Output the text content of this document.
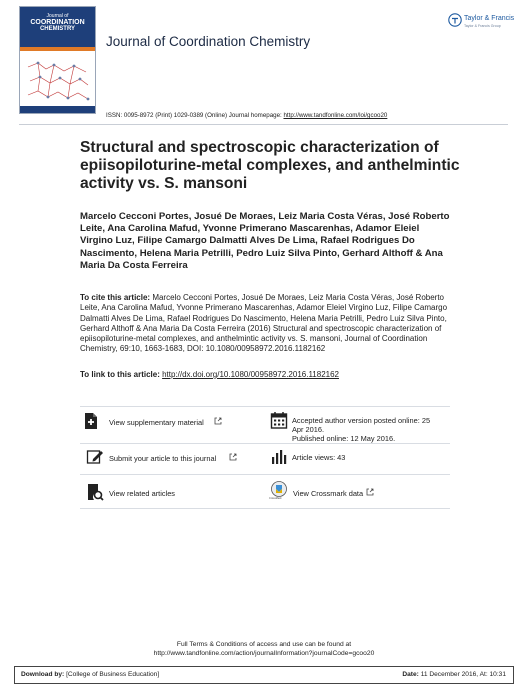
Journal of
COORDINATION
CHEMISTRY
Journal of Coordination Chemistry
Taylor & Francis
Taylor & Francis Group
ISSN: 0095-8972 (Print) 1029-0389 (Online) Journal homepage: http://www.tandfonline.com/loi/gcoo20
Structural and spectroscopic characterization of epiisopiloturine-metal complexes, and anthelmintic activity vs. S. mansoni
Marcelo Cecconi Portes, Josué De Moraes, Leiz Maria Costa Véras, José Roberto Leite, Ana Carolina Mafud, Yvonne Primerano Mascarenhas, Adamor Eleiel Virgino Luz, Filipe Camargo Dalmatti Alves De Lima, Rafael Rodrigues Do Nascimento, Helena Maria Petrilli, Pedro Luiz Silva Pinto, Gerhard Althoff & Ana Maria Da Costa Ferreira
To cite this article: Marcelo Cecconi Portes, Josué De Moraes, Leiz Maria Costa Véras, José Roberto Leite, Ana Carolina Mafud, Yvonne Primerano Mascarenhas, Adamor Eleiel Virgino Luz, Filipe Camargo Dalmatti Alves De Lima, Rafael Rodrigues Do Nascimento, Helena Maria Petrilli, Pedro Luiz Silva Pinto, Gerhard Althoff & Ana Maria Da Costa Ferreira (2016) Structural and spectroscopic characterization of epiisopiloturine-metal complexes, and anthelmintic activity vs. S. mansoni, Journal of Coordination Chemistry, 69:10, 1663-1683, DOI: 10.1080/00958972.2016.1182162
To link to this article: http://dx.doi.org/10.1080/00958972.2016.1182162
View supplementary material	Accepted author version posted online: 25
Apr 2016.
Published online: 12 May 2016.
Submit your article to this journal	Article views: 43
View related articles
CrossMark
View Crossmark data
Full Terms & Conditions of access and use can be found at
http://www.tandfonline.com/action/journalInformation?journalCode=gcoo20
Download by: [College of Business Education]	Date: 11 December 2016, At: 10:31
